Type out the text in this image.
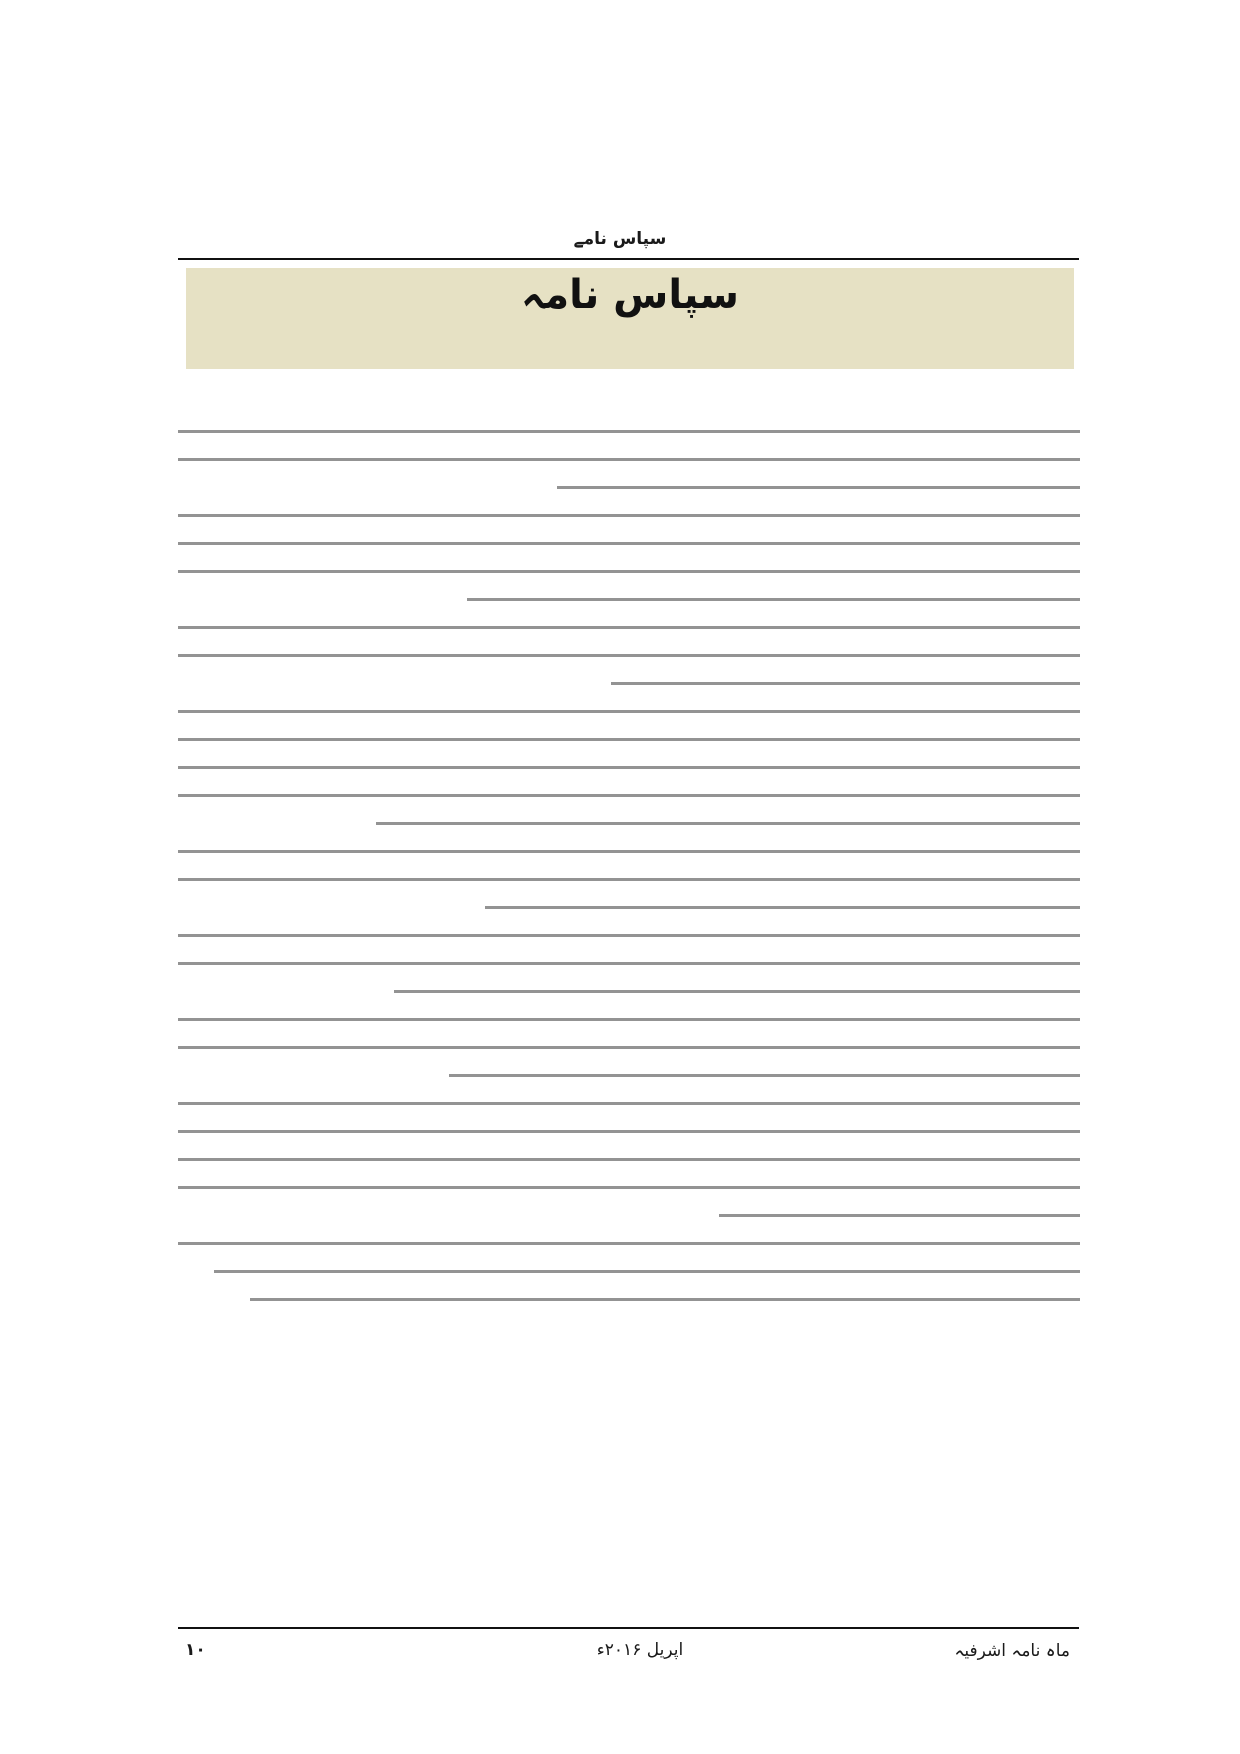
سپاس نامے
سپاس نامہ
۱۰	اپریل ۲۰۱۶ء	ماہ نامہ اشرفیہ
